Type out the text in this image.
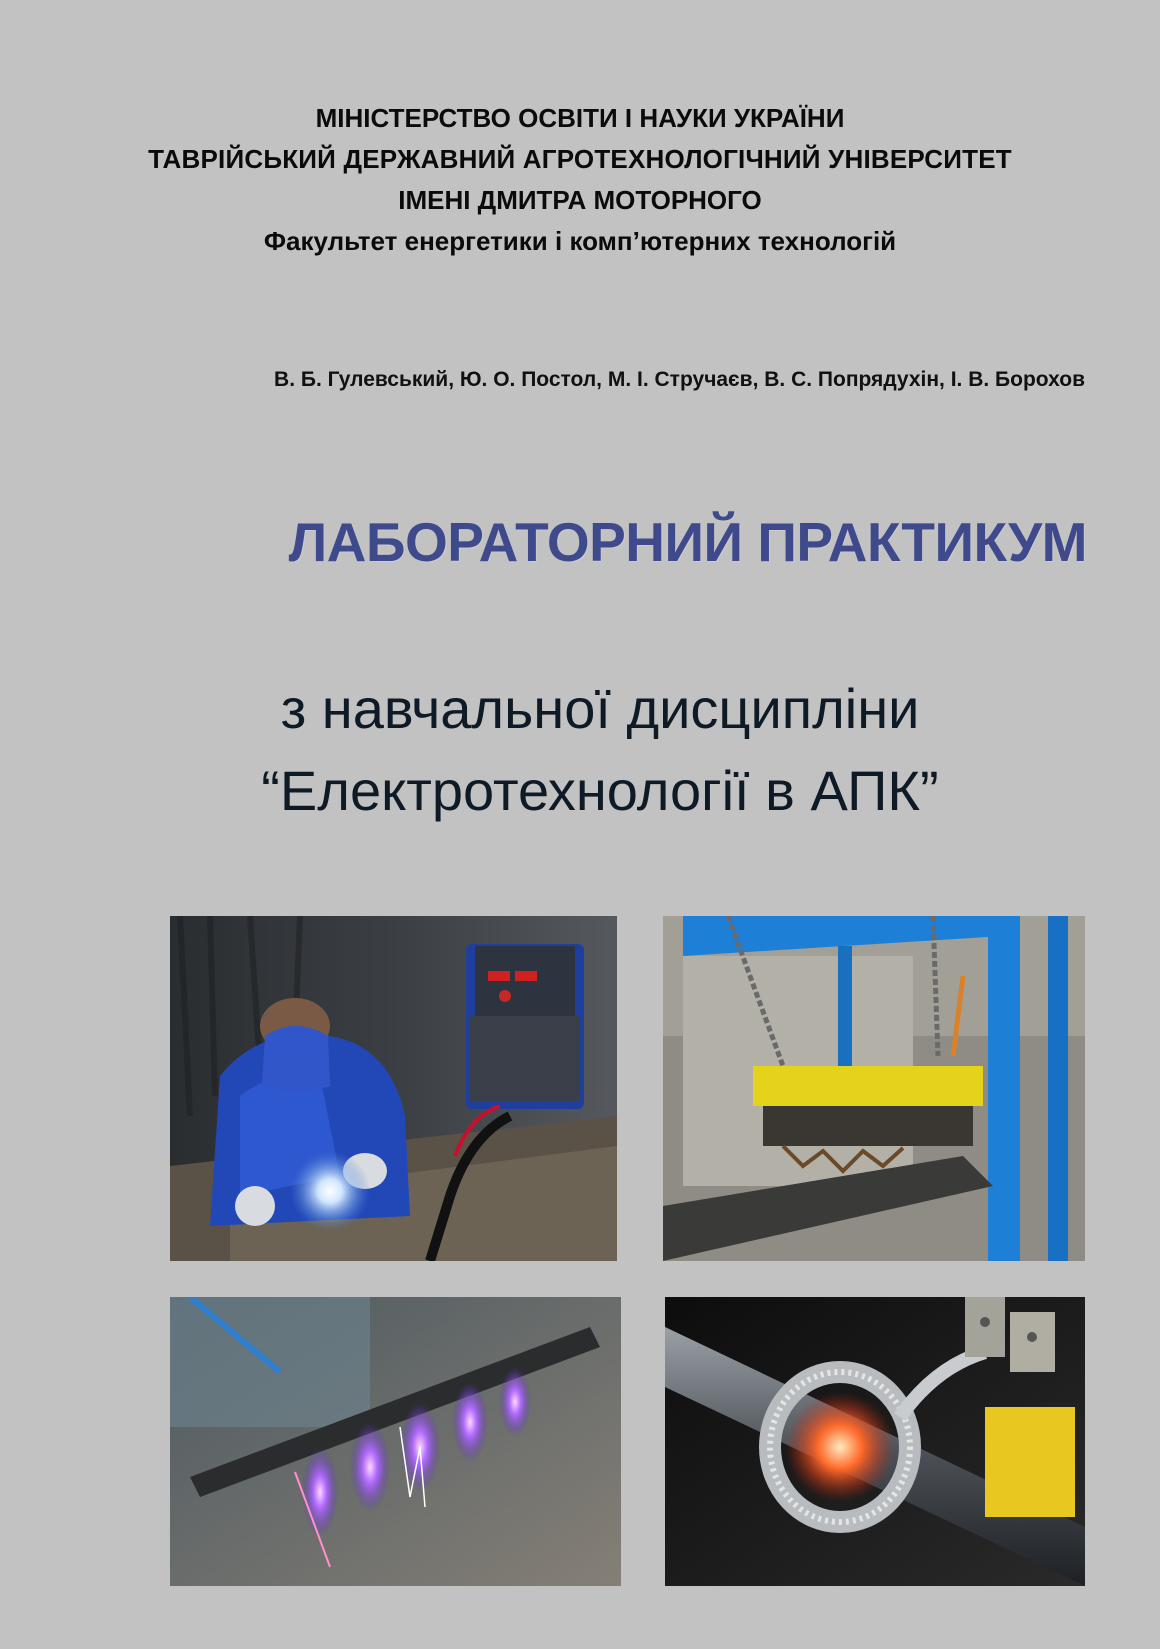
МІНІСТЕРСТВО ОСВІТИ І НАУКИ УКРАЇНИ
ТАВРІЙСЬКИЙ ДЕРЖАВНИЙ АГРОТЕХНОЛОГІЧНИЙ УНІВЕРСИТЕТ
ІМЕНІ ДМИТРА МОТОРНОГО
Факультет енергетики і комп’ютерних технологій
В. Б. Гулевський, Ю. О. Постол, М. І. Стручаєв, В. С. Попрядухін, І. В. Борохов
ЛАБОРАТОРНИЙ ПРАКТИКУМ
з навчальної дисципліни
“Електротехнології в АПК”
